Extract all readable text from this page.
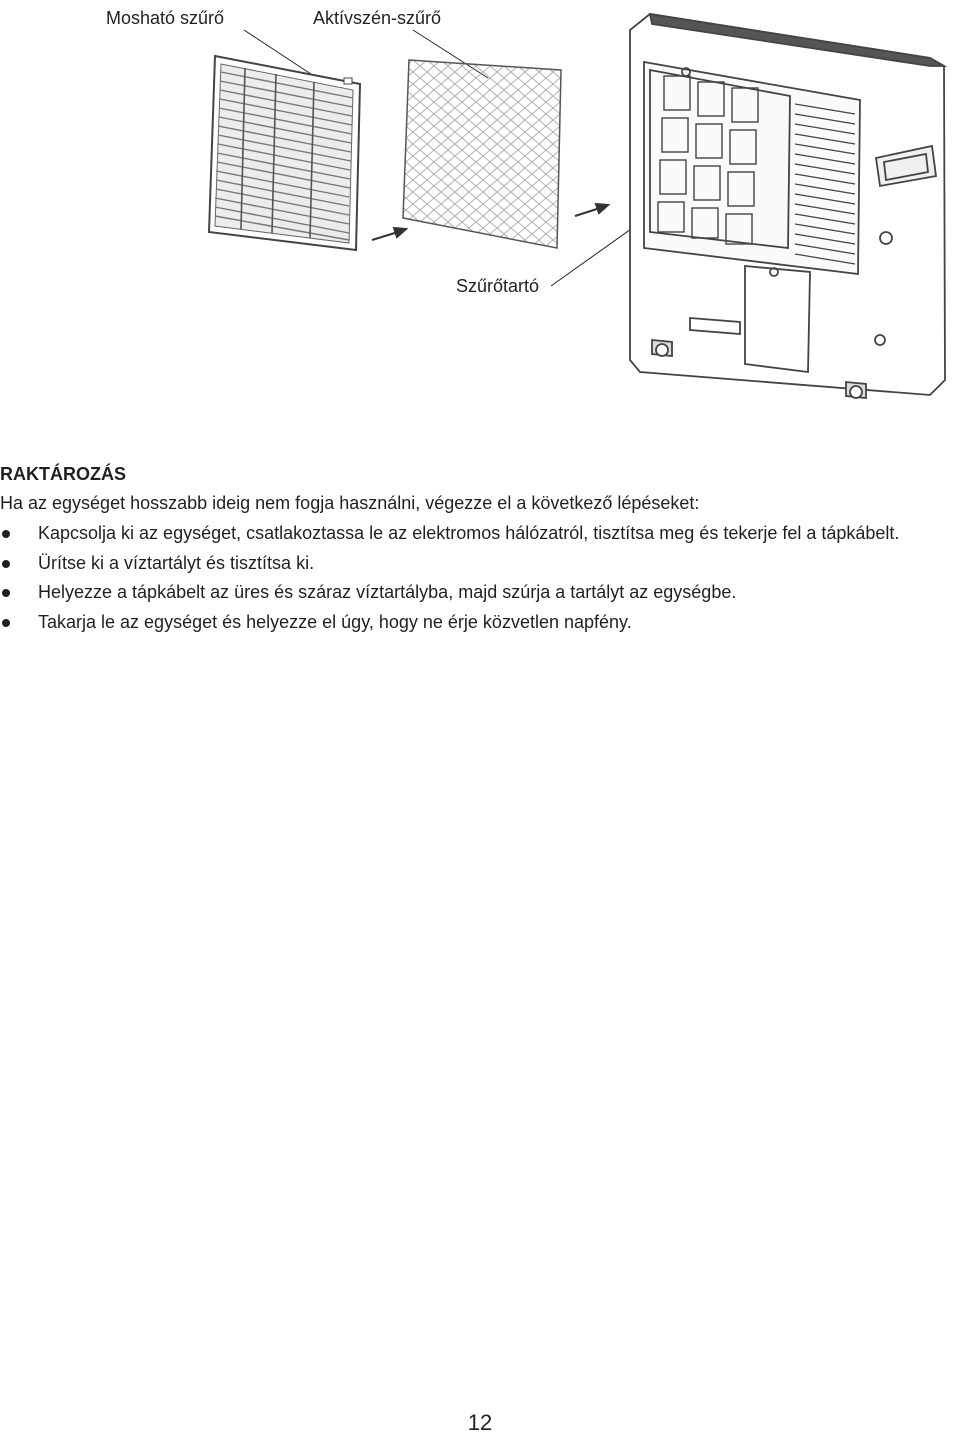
Mosható szűrő	Aktívszén-szűrő
Szűrőtartó

RAKTÁROZÁS

Ha az egységet hosszabb ideig nem fogja használni, végezze el a következő lépéseket:

Kapcsolja ki az egységet, csatlakoztassa le az elektromos hálózatról, tisztítsa meg és tekerje fel a tápkábelt.
Ürítse ki a víztartályt és tisztítsa ki.
Helyezze a tápkábelt az üres és száraz víztartályba, majd szúrja a tartályt az egységbe.
Takarja le az egységet és helyezze el úgy, hogy ne érje közvetlen napfény.
12
